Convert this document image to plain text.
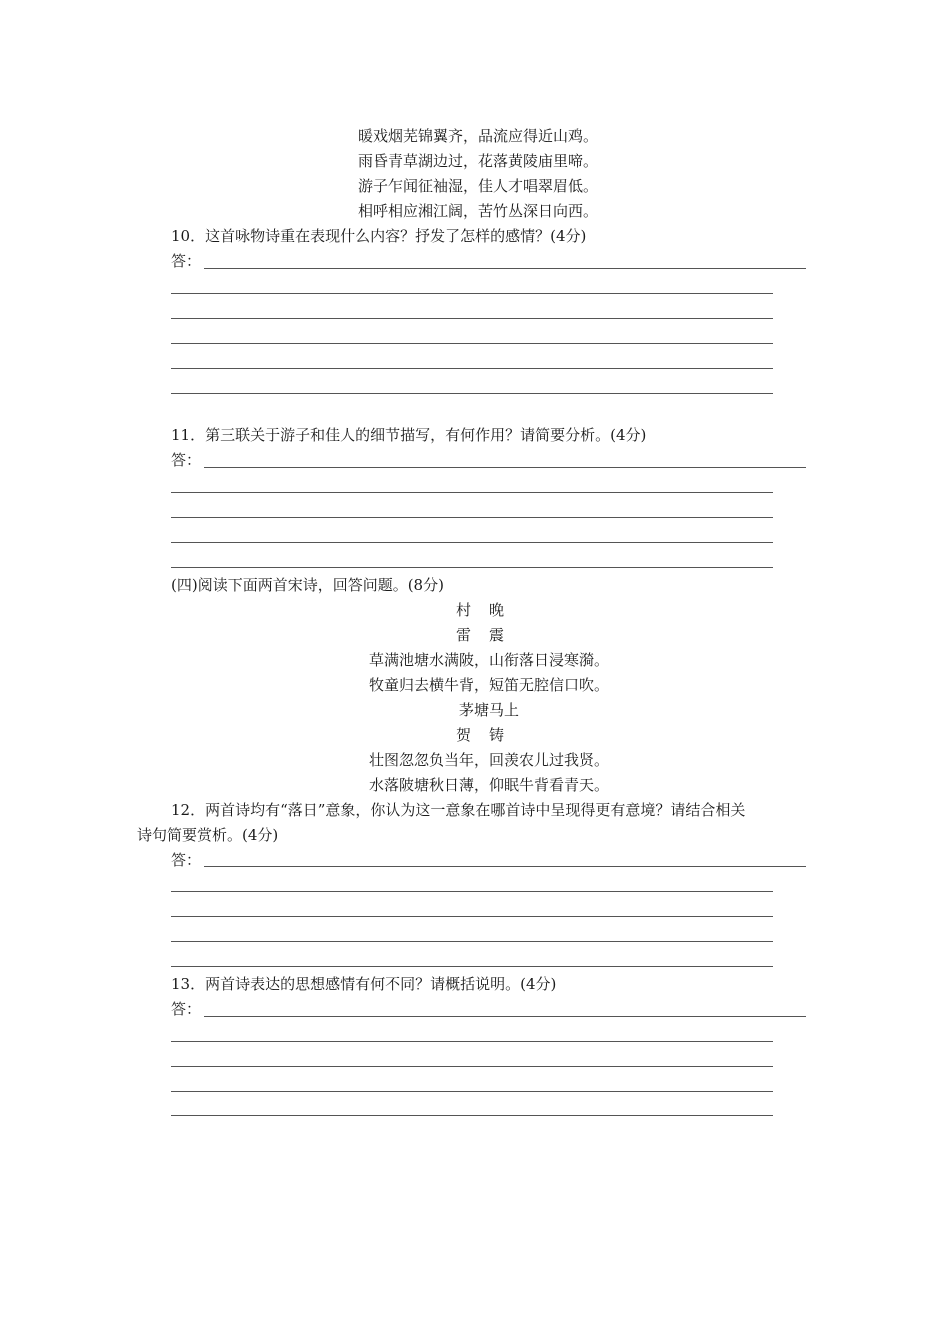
暖戏烟芜锦翼齐，品流应得近山鸡。
雨昏青草湖边过，花落黄陵庙里啼。
游子乍闻征袖湿，佳人才唱翠眉低。
相呼相应湘江阔，苦竹丛深日向西。
10．这首咏物诗重在表现什么内容？抒发了怎样的感情？(4分)
答：
11．第三联关于游子和佳人的细节描写，有何作用？请简要分析。(4分)
答：
(四)阅读下面两首宋诗，回答问题。(8分)
村晚
雷震
草满池塘水满陂，山衔落日浸寒漪。
牧童归去横牛背，短笛无腔信口吹。
茅塘马上
贺铸
壮图忽忽负当年，回羡农儿过我贤。
水落陂塘秋日薄，仰眠牛背看青天。
12．两首诗均有“落日”意象，你认为这一意象在哪首诗中呈现得更有意境？请结合相关
诗句简要赏析。(4分)
答：
13．两首诗表达的思想感情有何不同？请概括说明。(4分)
答：
